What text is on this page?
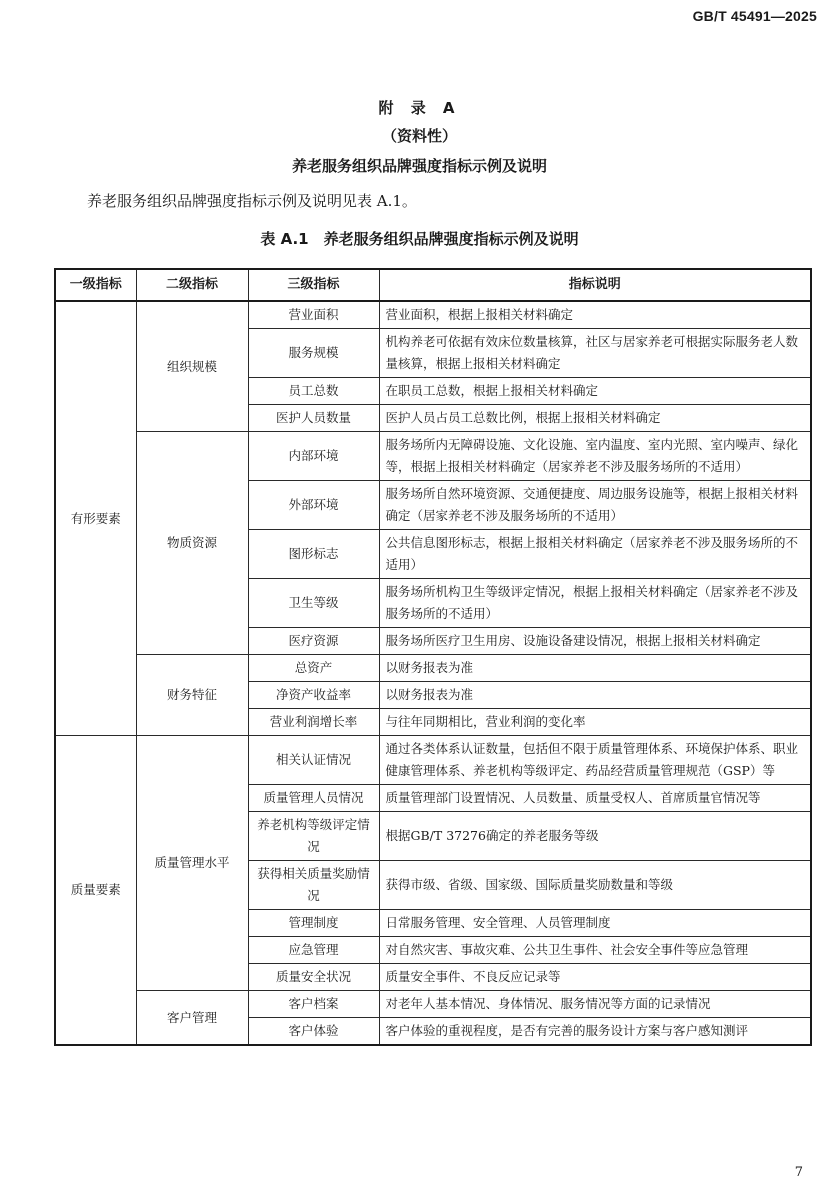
GB/T 45491—2025
附 录 A
（资料性）
养老服务组织品牌强度指标示例及说明
养老服务组织品牌强度指标示例及说明见表 A.1。
表 A.1　养老服务组织品牌强度指标示例及说明
一级指标	二级指标	三级指标	指标说明
有形要素	组织规模	营业面积	营业面积，根据上报相关材料确定
		服务规模	机构养老可依据有效床位数量核算，社区与居家养老可根据实际服务老人数量核算，根据上报相关材料确定
		员工总数	在职员工总数，根据上报相关材料确定
		医护人员数量	医护人员占员工总数比例，根据上报相关材料确定
	物质资源	内部环境	服务场所内无障碍设施、文化设施、室内温度、室内光照、室内噪声、绿化等，根据上报相关材料确定（居家养老不涉及服务场所的不适用）
		外部环境	服务场所自然环境资源、交通便捷度、周边服务设施等，根据上报相关材料确定（居家养老不涉及服务场所的不适用）
		图形标志	公共信息图形标志，根据上报相关材料确定（居家养老不涉及服务场所的不适用）
		卫生等级	服务场所机构卫生等级评定情况，根据上报相关材料确定（居家养老不涉及服务场所的不适用）
		医疗资源	服务场所医疗卫生用房、设施设备建设情况，根据上报相关材料确定
	财务特征	总资产	以财务报表为准
		净资产收益率	以财务报表为准
		营业利润增长率	与往年同期相比，营业利润的变化率
质量要素	质量管理水平	相关认证情况	通过各类体系认证数量，包括但不限于质量管理体系、环境保护体系、职业健康管理体系、养老机构等级评定、药品经营质量管理规范（GSP）等
		质量管理人员情况	质量管理部门设置情况、人员数量、质量受权人、首席质量官情况等
		养老机构等级评定情况	根据GB/T 37276确定的养老服务等级
		获得相关质量奖励情况	获得市级、省级、国家级、国际质量奖励数量和等级
		管理制度	日常服务管理、安全管理、人员管理制度
		应急管理	对自然灾害、事故灾难、公共卫生事件、社会安全事件等应急管理
		质量安全状况	质量安全事件、不良反应记录等
	客户管理	客户档案	对老年人基本情况、身体情况、服务情况等方面的记录情况
		客户体验	客户体验的重视程度，是否有完善的服务设计方案与客户感知测评
7
